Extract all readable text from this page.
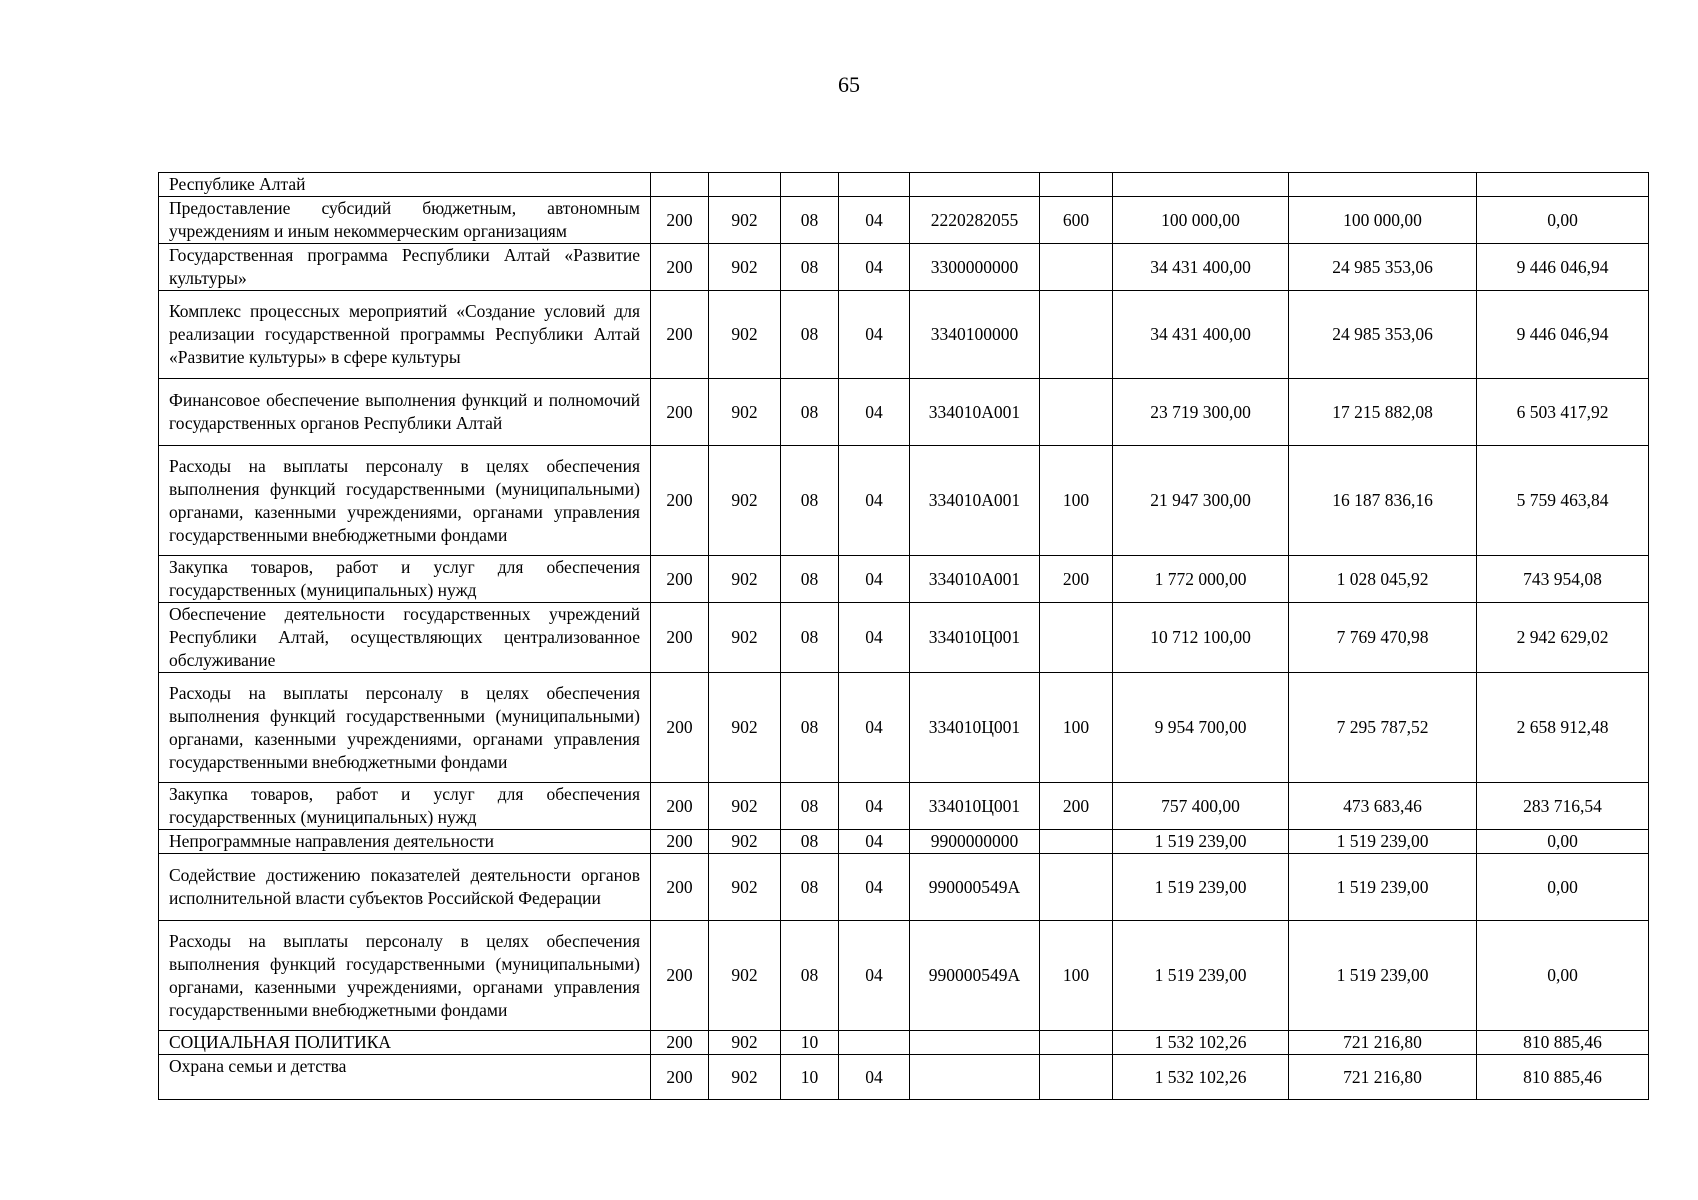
65
Республике Алтай									
Предоставление субсидий бюджетным, автономным учреждениям и иным некоммерческим организациям	200	902	08	04	2220282055	600	100 000,00	100 000,00	0,00
Государственная программа Республики Алтай «Развитие культуры»	200	902	08	04	3300000000		34 431 400,00	24 985 353,06	9 446 046,94
Комплекс процессных мероприятий «Создание условий для реализации государственной программы Республики Алтай «Развитие культуры» в сфере культуры	200	902	08	04	3340100000		34 431 400,00	24 985 353,06	9 446 046,94
Финансовое обеспечение выполнения функций и полномочий государственных органов Республики Алтай	200	902	08	04	334010А001		23 719 300,00	17 215 882,08	6 503 417,92
Расходы на выплаты персоналу в целях обеспечения выполнения функций государственными (муниципальными) органами, казенными учреждениями, органами управления государственными внебюджетными фондами	200	902	08	04	334010А001	100	21 947 300,00	16 187 836,16	5 759 463,84
Закупка товаров, работ и услуг для обеспечения государственных (муниципальных) нужд	200	902	08	04	334010А001	200	1 772 000,00	1 028 045,92	743 954,08
Обеспечение деятельности государственных учреждений Республики Алтай, осуществляющих централизованное обслуживание	200	902	08	04	334010Ц001		10 712 100,00	7 769 470,98	2 942 629,02
Расходы на выплаты персоналу в целях обеспечения выполнения функций государственными (муниципальными) органами, казенными учреждениями, органами управления государственными внебюджетными фондами	200	902	08	04	334010Ц001	100	9 954 700,00	7 295 787,52	2 658 912,48
Закупка товаров, работ и услуг для обеспечения государственных (муниципальных) нужд	200	902	08	04	334010Ц001	200	757 400,00	473 683,46	283 716,54
Непрограммные направления деятельности	200	902	08	04	9900000000		1 519 239,00	1 519 239,00	0,00
Содействие достижению показателей деятельности органов исполнительной власти субъектов Российской Федерации	200	902	08	04	990000549А		1 519 239,00	1 519 239,00	0,00
Расходы на выплаты персоналу в целях обеспечения выполнения функций государственными (муниципальными) органами, казенными учреждениями, органами управления государственными внебюджетными фондами	200	902	08	04	990000549А	100	1 519 239,00	1 519 239,00	0,00
СОЦИАЛЬНАЯ ПОЛИТИКА	200	902	10				1 532 102,26	721 216,80	810 885,46
Охрана семьи и детства	200	902	10	04			1 532 102,26	721 216,80	810 885,46
